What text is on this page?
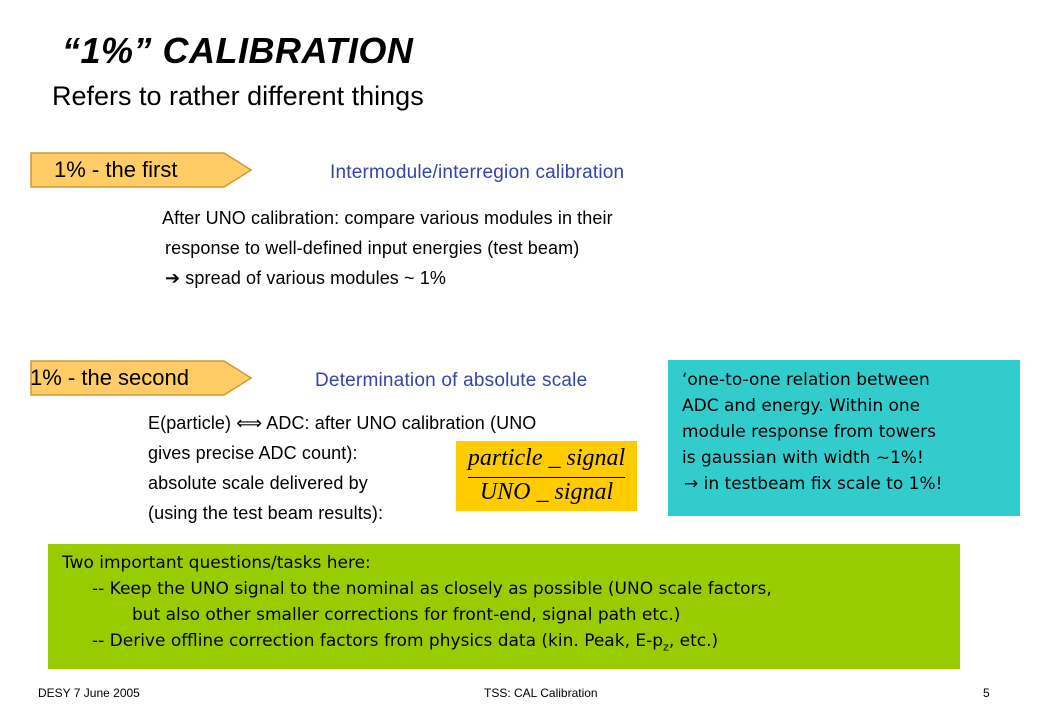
“1%” CALIBRATION
Refers to rather different things
1% - the first	Intermodule/interregion calibration
After UNO calibration: compare various modules in their
response to well-defined input energies (test beam)
➔ spread of various modules ~ 1%
1% - the second	Determination of absolute scale
E(particle) ⟺ ADC: after UNO calibration (UNO
gives precise ADC count):
absolute scale delivered by
(using the test beam results):
particle _ signal
UNO _ signal
‘one-to-one relation between
ADC and energy. Within one
module response from towers
is gaussian with width ~1%!
→ in testbeam fix scale to 1%!
Two important questions/tasks here:
-- Keep the UNO signal to the nominal as closely as possible (UNO scale factors,
but also other smaller corrections for front-end, signal path etc.)
-- Derive offline correction factors from physics data (kin. Peak, $E-p_z$, etc.)
DESY 7 June 2005	TSS: CAL Calibration	5
